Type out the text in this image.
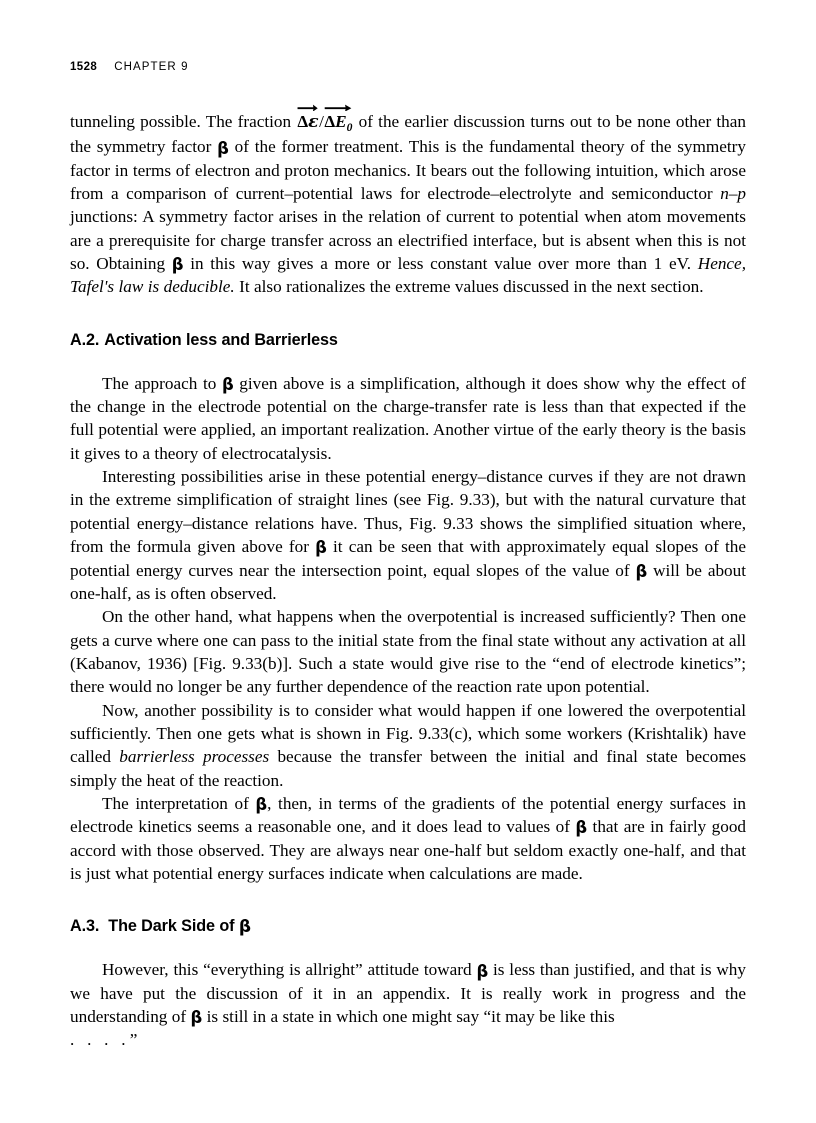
1528 CHAPTER 9

tunneling possible. The fraction
Δε/
$\Delta E_0$ of the earlier discussion turns out to be none other than the symmetry factor β of the former treatment. This is the fundamental theory of the symmetry factor in terms of electron and proton mechanics. It bears out the following intuition, which arose from a comparison of current–potential laws for electrode–electrolyte and semiconductor n–p junctions: A symmetry factor arises in the relation of current to potential when atom movements are a prerequisite for charge transfer across an electrified interface, but is absent when this is not so. Obtaining β in this way gives a more or less constant value over more than 1 eV. Hence, Tafel's law is deducible. It also rationalizes the extreme values discussed in the next section.

A.2. Activation less and Barrierless

The approach to β given above is a simplification, although it does show why the effect of the change in the electrode potential on the charge-transfer rate is less than that expected if the full potential were applied, an important realization. Another virtue of the early theory is the basis it gives to a theory of electrocatalysis.

Interesting possibilities arise in these potential energy–distance curves if they are not drawn in the extreme simplification of straight lines (see Fig. 9.33), but with the natural curvature that potential energy–distance relations have. Thus, Fig. 9.33 shows the simplified situation where, from the formula given above for β it can be seen that with approximately equal slopes of the potential energy curves near the intersection point, equal slopes of the value of β will be about one-half, as is often observed.

On the other hand, what happens when the overpotential is increased sufficiently? Then one gets a curve where one can pass to the initial state from the final state without any activation at all (Kabanov, 1936) [Fig. 9.33(b)]. Such a state would give rise to the “end of electrode kinetics”; there would no longer be any further dependence of the reaction rate upon potential.

Now, another possibility is to consider what would happen if one lowered the overpotential sufficiently. Then one gets what is shown in Fig. 9.33(c), which some workers (Krishtalik) have called barrierless processes because the transfer between the initial and final state becomes simply the heat of the reaction.

The interpretation of β, then, in terms of the gradients of the potential energy surfaces in electrode kinetics seems a reasonable one, and it does lead to values of β that are in fairly good accord with those observed. They are always near one-half but seldom exactly one-half, and that is just what potential energy surfaces indicate when calculations are made.

A.3. The Dark Side of β

However, this “everything is allright” attitude toward β is less than justified, and that is why we have put the discussion of it in an appendix. It is really work in progress and the understanding of β is still in a state in which one might say “it may be like this
. . . .”
